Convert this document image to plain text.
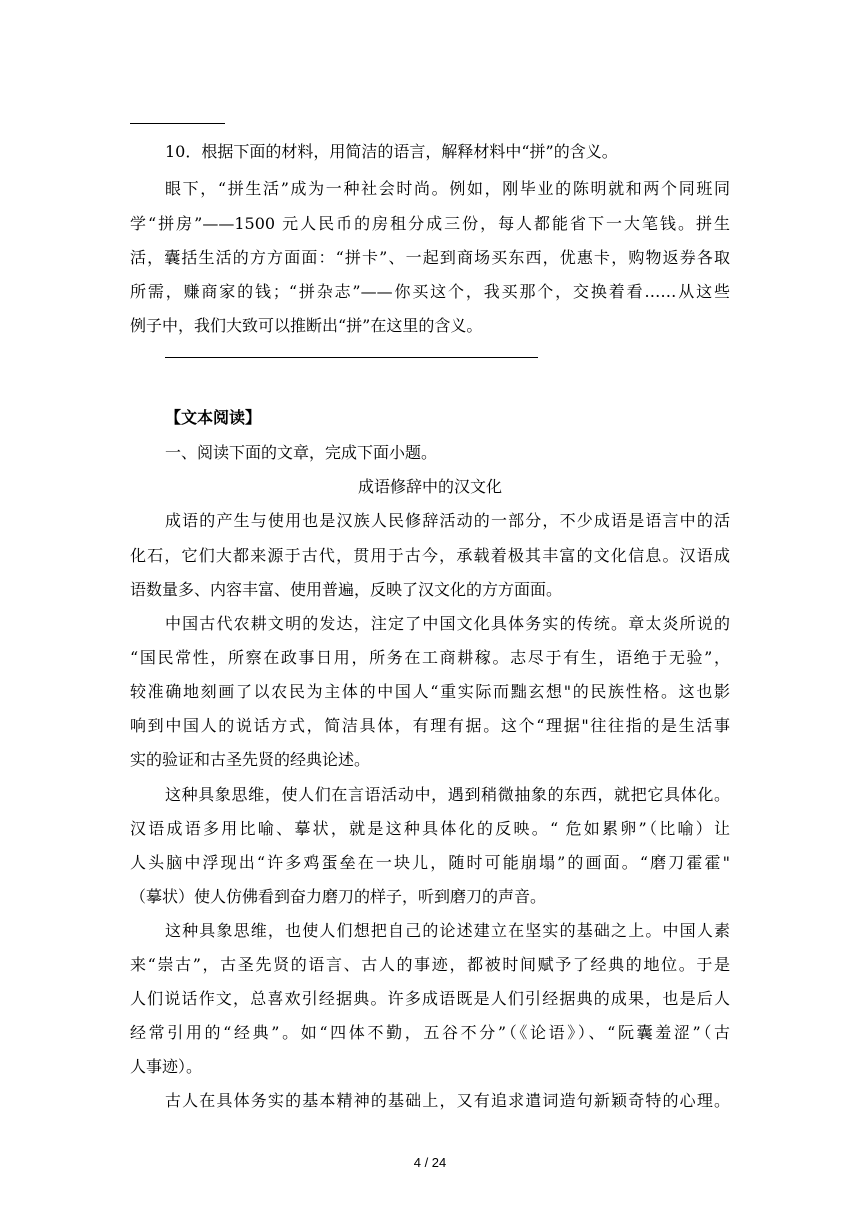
10．根据下面的材料，用简洁的语言，解释材料中“拼”的含义。
眼下，“拼生活”成为一种社会时尚。例如，刚毕业的陈明就和两个同班同
学“拼房”——1500 元人民币的房租分成三份，每人都能省下一大笔钱。拼生
活，囊括生活的方方面面：“拼卡”、一起到商场买东西，优惠卡，购物返券各取
所需，赚商家的钱；“拼杂志”——你买这个，我买那个，交换着看……从这些
例子中，我们大致可以推断出“拼”在这里的含义。
【文本阅读】
一、阅读下面的文章，完成下面小题。
成语修辞中的汉文化
成语的产生与使用也是汉族人民修辞活动的一部分，不少成语是语言中的活
化石，它们大都来源于古代，贯用于古今，承载着极其丰富的文化信息。汉语成
语数量多、内容丰富、使用普遍，反映了汉文化的方方面面。
中国古代农耕文明的发达，注定了中国文化具体务实的传统。章太炎所说的
“国民常性，所察在政事日用，所务在工商耕稼。志尽于有生，语绝于无验”，
较准确地刻画了以农民为主体的中国人“重实际而黜玄想"的民族性格。这也影
响到中国人的说话方式，简洁具体，有理有据。这个“理据"往往指的是生活事
实的验证和古圣先贤的经典论述。
这种具象思维，使人们在言语活动中，遇到稍微抽象的东西，就把它具体化。
汉语成语多用比喻、摹状，就是这种具体化的反映。“ 危如累卵”（比喻）让
人头脑中浮现出“许多鸡蛋垒在一块儿，随时可能崩塌”的画面。“磨刀霍霍"
（摹状）使人仿佛看到奋力磨刀的样子，听到磨刀的声音。
这种具象思维，也使人们想把自己的论述建立在坚实的基础之上。中国人素
来“崇古”，古圣先贤的语言、古人的事迹，都被时间赋予了经典的地位。于是
人们说话作文，总喜欢引经据典。许多成语既是人们引经据典的成果，也是后人
经常引用的“经典”。如“四体不勤，五谷不分”（《论语》）、“阮囊羞涩”（古
人事迹）。
古人在具体务实的基本精神的基础上，又有追求遣词造句新颖奇特的心理。
4 / 24
